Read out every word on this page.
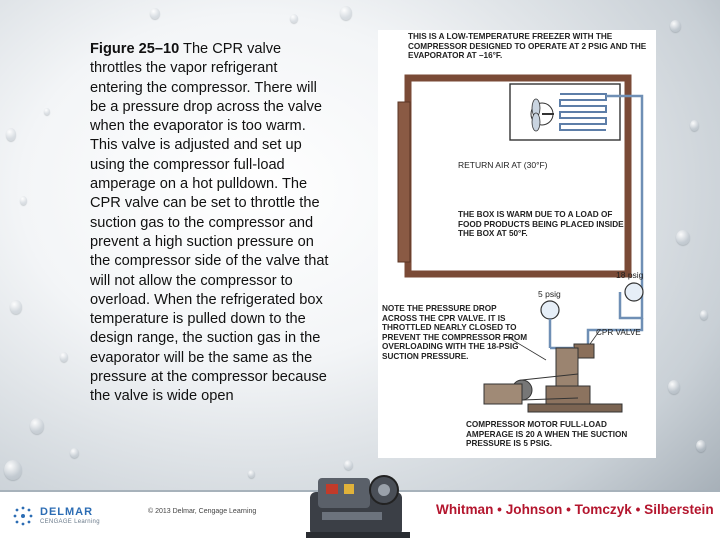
Figure 25–10 The CPR valve throttles the vapor refrigerant entering the compressor. There will be a pressure drop across the valve when the evaporator is too warm. This valve is adjusted and set up using the compressor full-load amperage on a hot pulldown. The CPR valve can be set to throttle the suction gas to the compressor and prevent a high suction pressure on the compressor side of the valve that will not allow the compressor to overload. When the refrigerated box temperature is pulled down to the design range, the suction gas in the evaporator will be the same as the pressure at the compressor because the valve is wide open

THIS IS A LOW-TEMPERATURE FREEZER WITH THE COMPRESSOR DESIGNED TO OPERATE AT 2 PSIG AND THE EVAPORATOR AT –16°F.

RETURN AIR AT (30°F)

THE BOX IS WARM DUE TO A LOAD OF FOOD PRODUCTS BEING PLACED INSIDE THE BOX AT 50°F.

18 psig
5 psig

NOTE THE PRESSURE DROP ACROSS THE CPR VALVE. IT IS THROTTLED NEARLY CLOSED TO PREVENT THE COMPRESSOR FROM OVERLOADING WITH THE 18-PSIG SUCTION PRESSURE.

CPR VALVE

COMPRESSOR MOTOR FULL-LOAD AMPERAGE IS 20 A WHEN THE SUCTION PRESSURE IS 5 PSIG.

DELMAR
CENGAGE Learning
© 2013 Delmar, Cengage Learning	Whitman • Johnson • Tomczyk • Silberstein
